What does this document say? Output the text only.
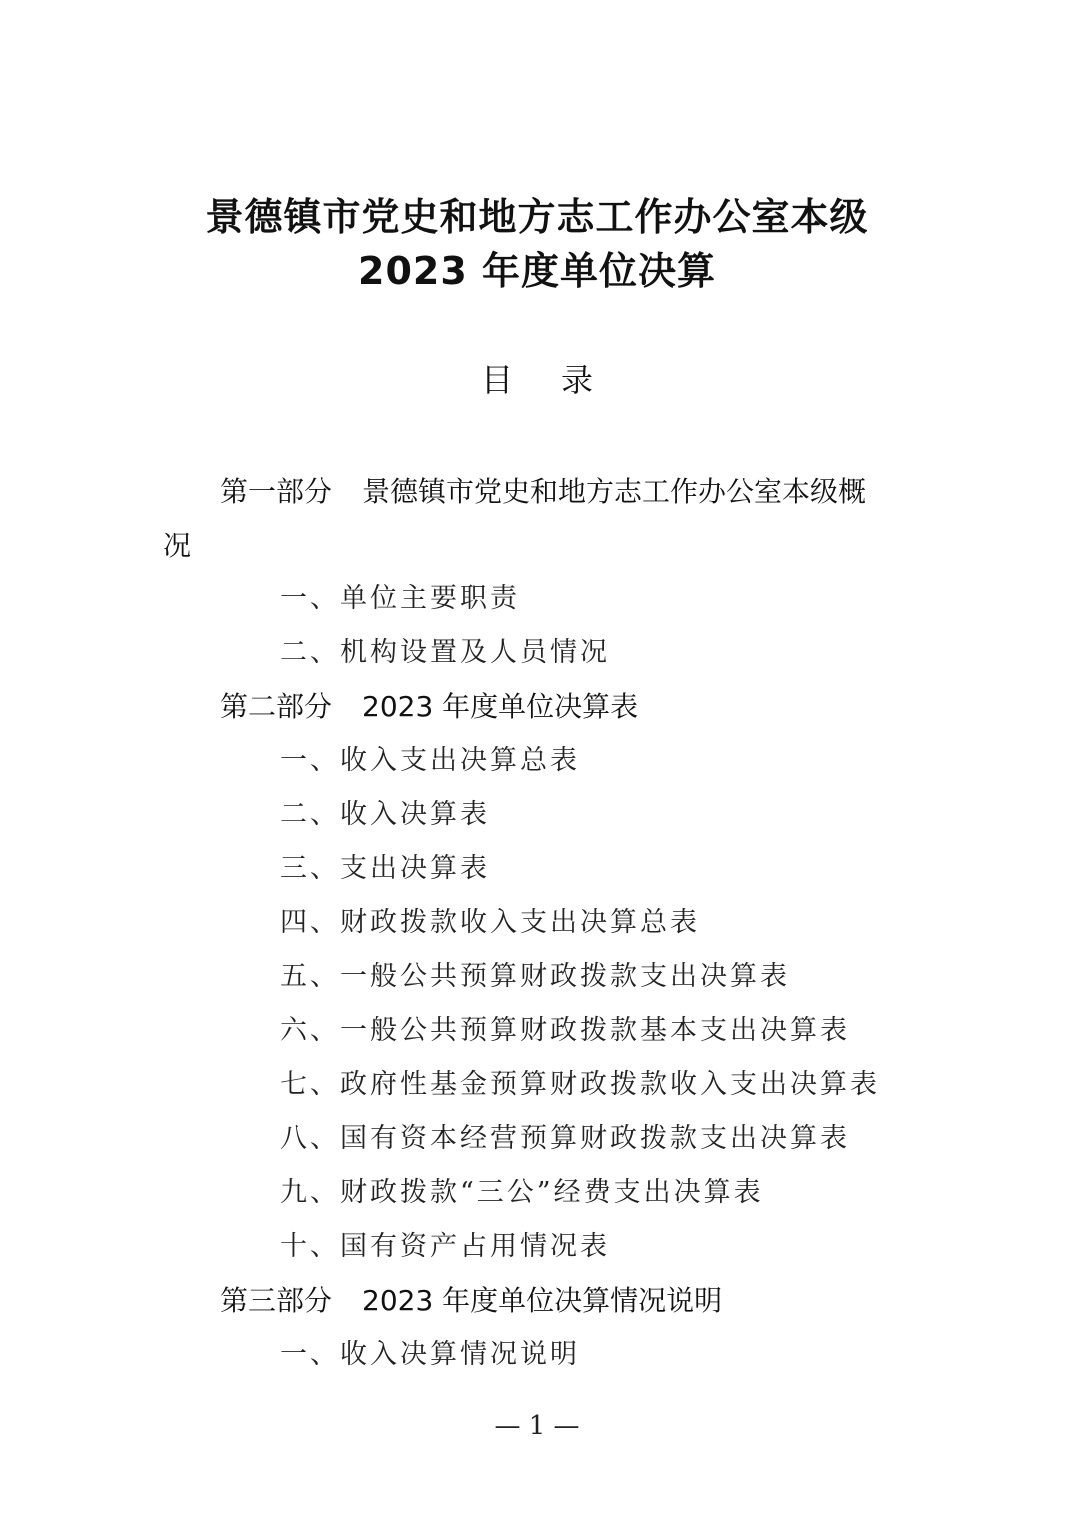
景德镇市党史和地方志工作办公室本级
2023 年度单位决算
目录
第一部分 景德镇市党史和地方志工作办公室本级概
况
一、单位主要职责
二、机构设置及人员情况
第二部分 2023 年度单位决算表
一、收入支出决算总表
二、收入决算表
三、支出决算表
四、财政拨款收入支出决算总表
五、一般公共预算财政拨款支出决算表
六、一般公共预算财政拨款基本支出决算表
七、政府性基金预算财政拨款收入支出决算表
八、国有资本经营预算财政拨款支出决算表
九、财政拨款“三公”经费支出决算表
十、国有资产占用情况表
第三部分 2023 年度单位决算情况说明
一、收入决算情况说明
— 1 —
